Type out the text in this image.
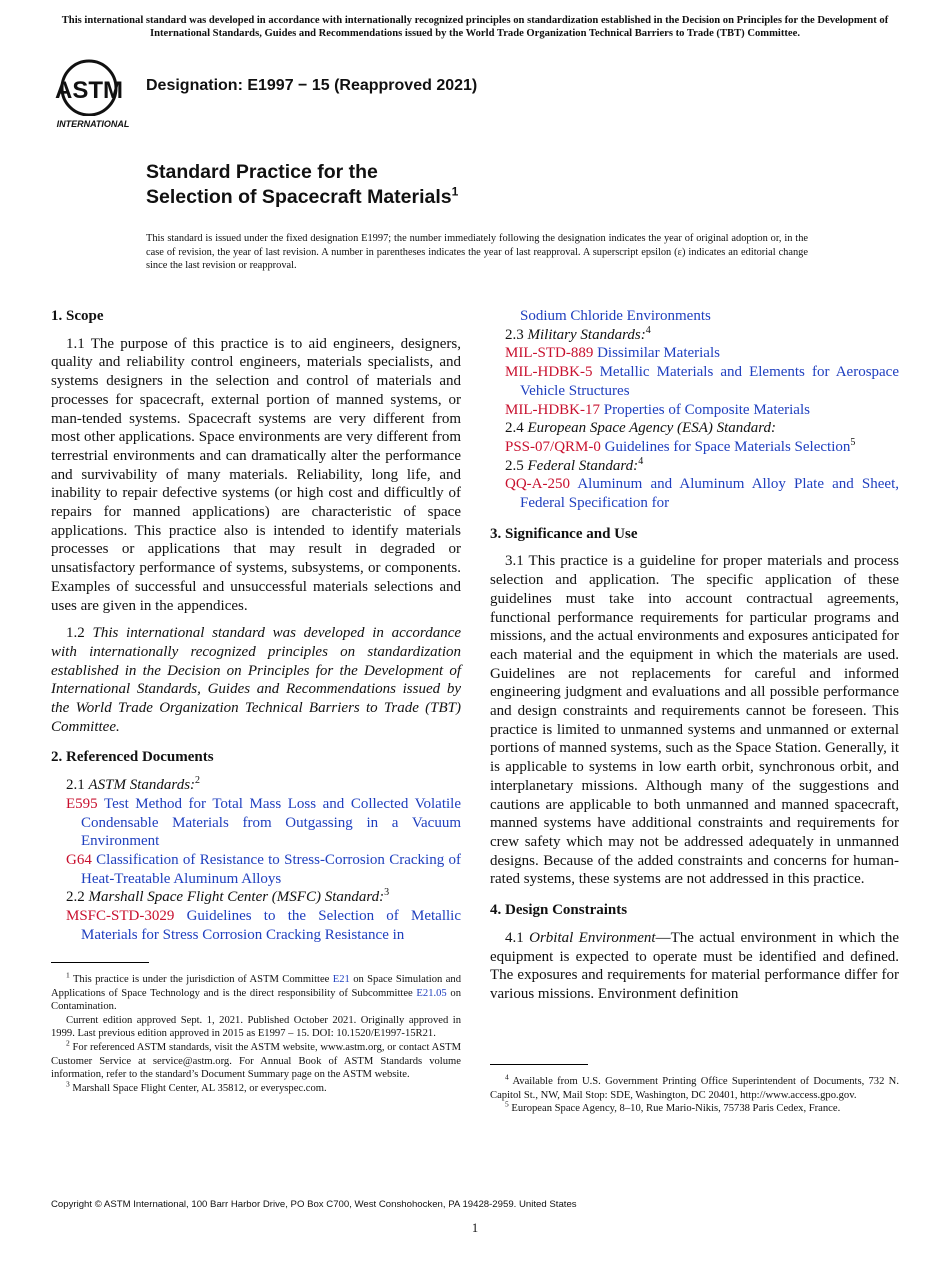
This international standard was developed in accordance with internationally recognized principles on standardization established in the Decision on Principles for the Development of International Standards, Guides and Recommendations issued by the World Trade Organization Technical Barriers to Trade (TBT) Committee.
ASTM
INTERNATIONAL
Designation: E1997 − 15 (Reapproved 2021)
Standard Practice for the
Selection of Spacecraft Materials$^1$
This standard is issued under the fixed designation E1997; the number immediately following the designation indicates the year of original adoption or, in the case of revision, the year of last revision. A number in parentheses indicates the year of last reapproval. A superscript epsilon (ε) indicates an editorial change since the last revision or reapproval.
1. Scope

1.1 The purpose of this practice is to aid engineers, designers, quality and reliability control engineers, materials specialists, and systems designers in the selection and control of materials and processes for spacecraft, external portion of manned systems, or man-tended systems. Spacecraft systems are very different from most other applications. Space environments are very different from terrestrial environments and can dramatically alter the performance and survivability of many materials. Reliability, long life, and inability to repair defective systems (or high cost and difficultly of repairs for manned applications) are characteristic of space applications. This practice also is intended to identify materials processes or applications that may result in degraded or unsatisfactory performance of systems, subsystems, or components. Examples of successful and unsuccessful materials selections and uses are given in the appendices.

1.2 This international standard was developed in accordance with internationally recognized principles on standardization established in the Decision on Principles for the Development of International Standards, Guides and Recommendations issued by the World Trade Organization Technical Barriers to Trade (TBT) Committee.

2. Referenced Documents

2.1 ASTM Standards:$^2$

E595 Test Method for Total Mass Loss and Collected Volatile Condensable Materials from Outgassing in a Vacuum Environment

G64 Classification of Resistance to Stress-Corrosion Cracking of Heat-Treatable Aluminum Alloys

2.2 Marshall Space Flight Center (MSFC) Standard:$^3$

MSFC-STD-3029 Guidelines to the Selection of Metallic Materials for Stress Corrosion Cracking Resistance in

$^1$ This practice is under the jurisdiction of ASTM Committee E21 on Space Simulation and Applications of Space Technology and is the direct responsibility of Subcommittee E21.05 on Contamination.

Current edition approved Sept. 1, 2021. Published October 2021. Originally approved in 1999. Last previous edition approved in 2015 as E1997 – 15. DOI: 10.1520/E1997-15R21.

$^2$ For referenced ASTM standards, visit the ASTM website, www.astm.org, or contact ASTM Customer Service at service@astm.org. For Annual Book of ASTM Standards volume information, refer to the standard’s Document Summary page on the ASTM website.

$^3$ Marshall Space Flight Center, AL 35812, or everyspec.com.

Sodium Chloride Environments

2.3 Military Standards:$^4$

MIL-STD-889 Dissimilar Materials

MIL-HDBK-5 Metallic Materials and Elements for Aerospace Vehicle Structures

MIL-HDBK-17 Properties of Composite Materials

2.4 European Space Agency (ESA) Standard:

PSS-07/QRM-0 Guidelines for Space Materials Selection$^5$

2.5 Federal Standard:$^4$

QQ-A-250 Aluminum and Aluminum Alloy Plate and Sheet, Federal Specification for

3. Significance and Use

3.1 This practice is a guideline for proper materials and process selection and application. The specific application of these guidelines must take into account contractual agreements, functional performance requirements for particular programs and missions, and the actual environments and exposures anticipated for each material and the equipment in which the materials are used. Guidelines are not replacements for careful and informed engineering judgment and evaluations and all possible performance and design constraints and requirements cannot be foreseen. This practice is limited to unmanned systems and unmanned or external portions of manned systems, such as the Space Station. Generally, it is applicable to systems in low earth orbit, synchronous orbit, and interplanetary missions. Although many of the suggestions and cautions are applicable to both unmanned and manned spacecraft, manned systems have additional constraints and requirements for crew safety which may not be addressed adequately in unmanned designs. Because of the added constraints and concerns for human-rated systems, these systems are not addressed in this practice.

4. Design Constraints

4.1 Orbital Environment—The actual environment in which the equipment is expected to operate must be identified and defined. The exposures and requirements for material performance differ for various missions. Environment definition

$^4$ Available from U.S. Government Printing Office Superintendent of Documents, 732 N. Capitol St., NW, Mail Stop: SDE, Washington, DC 20401, http://www.access.gpo.gov.

$^5$ European Space Agency, 8–10, Rue Mario-Nikis, 75738 Paris Cedex, France.

Copyright © ASTM International, 100 Barr Harbor Drive, PO Box C700, West Conshohocken, PA 19428-2959. United States
1
